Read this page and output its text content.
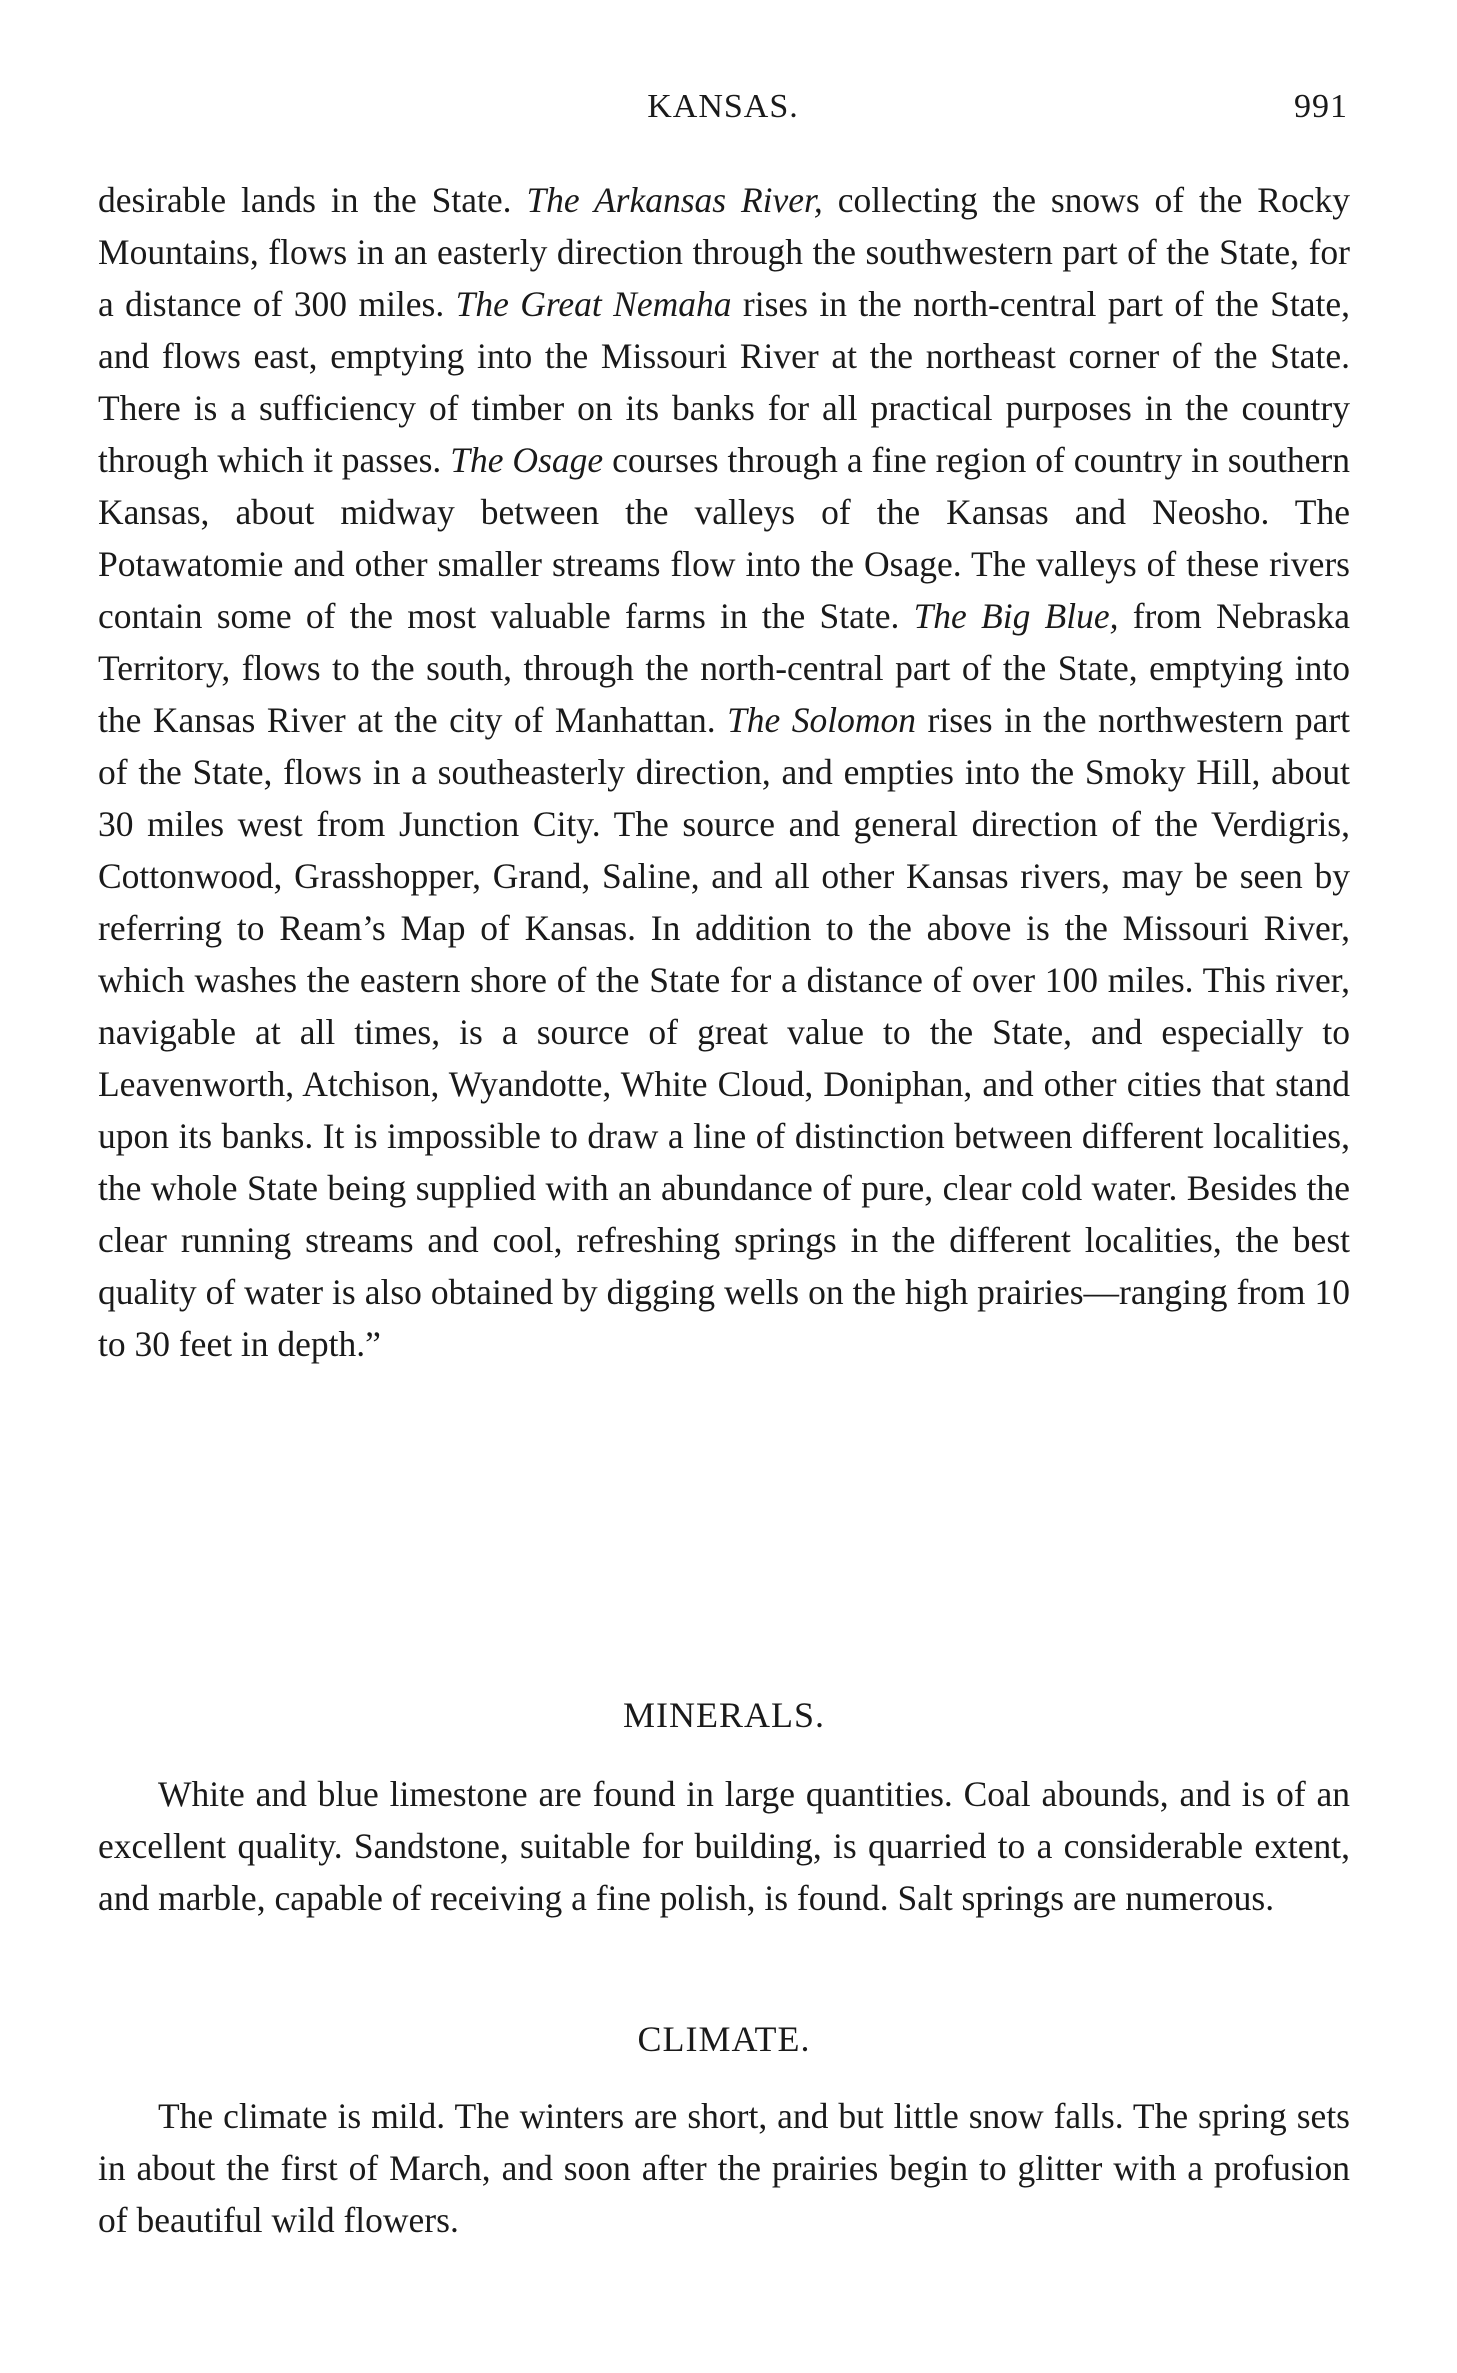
KANSAS.	991

desirable lands in the State. The Arkansas River, collecting the snows of the Rocky Mountains, flows in an easterly direction through the southwestern part of the State, for a distance of 300 miles. The Great Nemaha rises in the north-central part of the State, and flows east, emptying into the Missouri River at the northeast corner of the State. There is a sufficiency of timber on its banks for all practical purposes in the country through which it passes. The Osage courses through a fine region of country in southern Kansas, about midway between the valleys of the Kansas and Neosho. The Potawatomie and other smaller streams flow into the Osage. The valleys of these rivers contain some of the most valuable farms in the State. The Big Blue, from Nebraska Territory, flows to the south, through the north-central part of the State, emptying into the Kansas River at the city of Manhattan. The Solomon rises in the northwestern part of the State, flows in a southeasterly direction, and empties into the Smoky Hill, about 30 miles west from Junction City. The source and general direction of the Verdigris, Cottonwood, Grasshopper, Grand, Saline, and all other Kansas rivers, may be seen by referring to Ream’s Map of Kansas. In addition to the above is the Missouri River, which washes the eastern shore of the State for a distance of over 100 miles. This river, navigable at all times, is a source of great value to the State, and especially to Leavenworth, Atchison, Wyandotte, White Cloud, Doniphan, and other cities that stand upon its banks. It is impossible to draw a line of distinction between different localities, the whole State being supplied with an abundance of pure, clear cold water. Besides the clear running streams and cool, refreshing springs in the different localities, the best quality of water is also obtained by digging wells on the high prairies—ranging from 10 to 30 feet in depth.”

MINERALS.

White and blue limestone are found in large quantities. Coal abounds, and is of an excellent quality. Sandstone, suitable for building, is quarried to a considerable extent, and marble, capable of receiving a fine polish, is found. Salt springs are numerous.

CLIMATE.

The climate is mild. The winters are short, and but little snow falls. The spring sets in about the first of March, and soon after the prairies begin to glitter with a profusion of beautiful wild flowers.
